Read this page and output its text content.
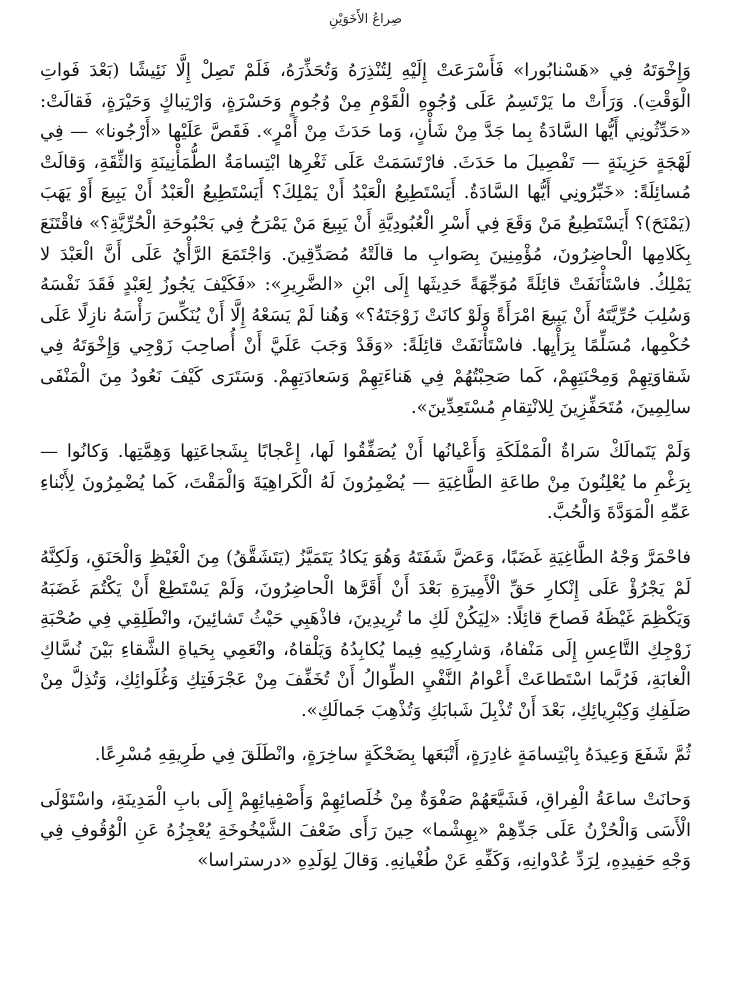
صِراعُ الأَخَوَيْنِ

وَإِخْوَتَهُ فِي «هَسْنابُورا» فَأَسْرَعَتْ إِلَيْهِ لِتُنْذِرَهُ وَتُحَذِّرَهُ، فَلَمْ تَصِلْ إِلَّا نَئِيشًا (بَعْدَ فَواتِ الْوَقْتِ). وَرَأَتْ ما يَرْتَسِمُ عَلَى وُجُوهِ الْقَوْمِ مِنْ وُجُومٍ وَحَسْرَةٍ، وَارْتِباكٍ وَحَيْرَةٍ، فَقالَتْ: «حَدِّثُونِي أَيُّها السَّادَةُ بِما جَدَّ مِنْ شَأْنٍ، وَما حَدَثَ مِنْ أَمْرٍ». فَقَصَّ عَلَيْها «أَرْجُونا» — فِي لَهْجَةٍ حَزِينَةٍ — تَفْصِيلَ ما حَدَثَ. فارْتَسَمَتْ عَلَى ثَغْرِها ابْتِسامَةُ الطُّمَأْنِينَةِ وَالثِّقَةِ، وَقالَتْ مُسائِلَةً: «خَبِّرُونِي أَيُّها السَّادَةُ. أَيَسْتَطِيعُ الْعَبْدُ أَنْ يَمْلِكَ؟ أَيَسْتَطِيعُ الْعَبْدُ أَنْ يَبِيعَ أَوْ يَهَبَ (يَمْنَحَ)؟ أَيَسْتَطِيعُ مَنْ وَقَعَ فِي أَسْرِ الْعُبُودِيَّةِ أَنْ يَبِيعَ مَنْ يَمْرَحُ فِي بَحْبُوحَةِ الْحُرِّيَّةِ؟» فاقْتَنَعَ بِكَلامِها الْحاضِرُونَ، مُؤْمِنِينَ بِصَوابِ ما قالَتْهُ مُصَدِّقِينَ. وَاجْتَمَعَ الرَّأْيُ عَلَى أَنَّ الْعَبْدَ لا يَمْلِكُ. فاسْتَأْنَفَتْ قائِلَةً مُوَجِّهَةً حَدِيثَها إِلَى ابْنِ «الضَّرِيرِ»: «فَكَيْفَ يَجُوزُ لِعَبْدٍ فَقَدَ نَفْسَهُ وَسُلِبَ حُرِّيَّتَهُ أَنْ يَبِيعَ امْرَأَةً وَلَوْ كانَتْ زَوْجَتَهُ؟» وَهُنا لَمْ يَسَعْهُ إِلَّا أَنْ يُنَكِّسَ رَأْسَهُ نازِلًا عَلَى حُكْمِها، مُسَلِّمًا بِرَأْيِها. فاسْتَأْنَفَتْ قائِلَةً: «وَقَدْ وَجَبَ عَلَيَّ أَنْ أُصاحِبَ زَوْجِي وَإِخْوَتَهُ فِي شَقاوَتِهِمْ وَمِحْنَتِهِمْ، كَما صَحِبْتُهُمْ فِي هَناءَتِهِمْ وَسَعادَتِهِمْ. وَسَتَرَى كَيْفَ نَعُودُ مِنَ الْمَنْفَى سالِمِينَ، مُتَحَفِّزِينَ لِلانْتِقامِ مُسْتَعِدِّينَ».

وَلَمْ يَتَمالَكْ سَراةُ الْمَمْلَكَةِ وَأَعْيانُها أَنْ يُصَفِّقُوا لَها، إِعْجابًا بِشَجاعَتِها وَهِمَّتِها. وَكانُوا — بِرَغْمِ ما يُعْلِنُونَ مِنْ طاعَةِ الطَّاغِيَةِ — يُضْمِرُونَ لَهُ الْكَراهِيَةَ وَالْمَقْتَ، كَما يُضْمِرُونَ لِأَبْناءِ عَمِّهِ الْمَوَدَّةَ وَالْحُبَّ.

فاحْمَرَّ وَجْهُ الطَّاغِيَةِ غَضَبًا، وَعَضَّ شَفَتَهُ وَهُوَ يَكادُ يَتَمَيَّزُ (يَتَشَقَّقُ) مِنَ الْغَيْظِ وَالْحَنَقِ، وَلَكِنَّهُ لَمْ يَجْرُؤْ عَلَى إِنْكارِ حَقِّ الْأَمِيرَةِ بَعْدَ أَنْ أَقَرَّها الْحاضِرُونَ، وَلَمْ يَسْتَطِعْ أَنْ يَكْتُمَ غَضَبَهُ وَيَكْظِمَ غَيْظَهُ فَصاحَ قائِلًا: «لِيَكُنْ لَكِ ما تُرِيدِينَ، فاذْهَبِي حَيْثُ تَشائِينَ، وانْطَلِقِي فِي صُحْبَةِ زَوْجِكِ التَّاعِسِ إِلَى مَنْفاهُ، وَشارِكِيهِ فِيما يُكابِدُهُ وَيَلْقاهُ، وانْعَمِي بِحَياةِ الشَّقاءِ بَيْنَ نُسَّاكِ الْغابَةِ، فَرُبَّما اسْتَطاعَتْ أَعْوامُ النَّفْيِ الطِّوالُ أَنْ تُخَفِّفَ مِنْ عَجْرَفَتِكِ وَغُلَوائِكِ، وَتُذِلَّ مِنْ صَلَفِكِ وَكِبْرِيائِكِ، بَعْدَ أَنْ تُذْبِلَ شَبابَكِ وَتُذْهِبَ جَمالَكِ».

ثُمَّ شَفَعَ وَعِيدَهُ بِابْتِسامَةٍ غادِرَةٍ، أَتْبَعَها بِضَحْكَةٍ ساخِرَةٍ، وانْطَلَقَ فِي طَرِيقِهِ مُسْرِعًا.

وَحانَتْ ساعَةُ الْفِراقِ، فَشَيَّعَهُمْ صَفْوَةٌ مِنْ خُلَصائِهِمْ وَأَصْفِيائِهِمْ إِلَى بابِ الْمَدِينَةِ، واسْتَوْلَى الْأَسَى وَالْحُزْنُ عَلَى جَدِّهِمْ «بِهِشْما» حِينَ رَأَى ضَعْفَ الشَّيْخُوخَةِ يُعْجِزُهُ عَنِ الْوُقُوفِ فِي وَجْهِ حَفِيدِهِ، لِرَدِّ عُدْوانِهِ، وَكَفِّهِ عَنْ طُغْيانِهِ. وَقالَ لِوَلَدِهِ «درستراسا»
